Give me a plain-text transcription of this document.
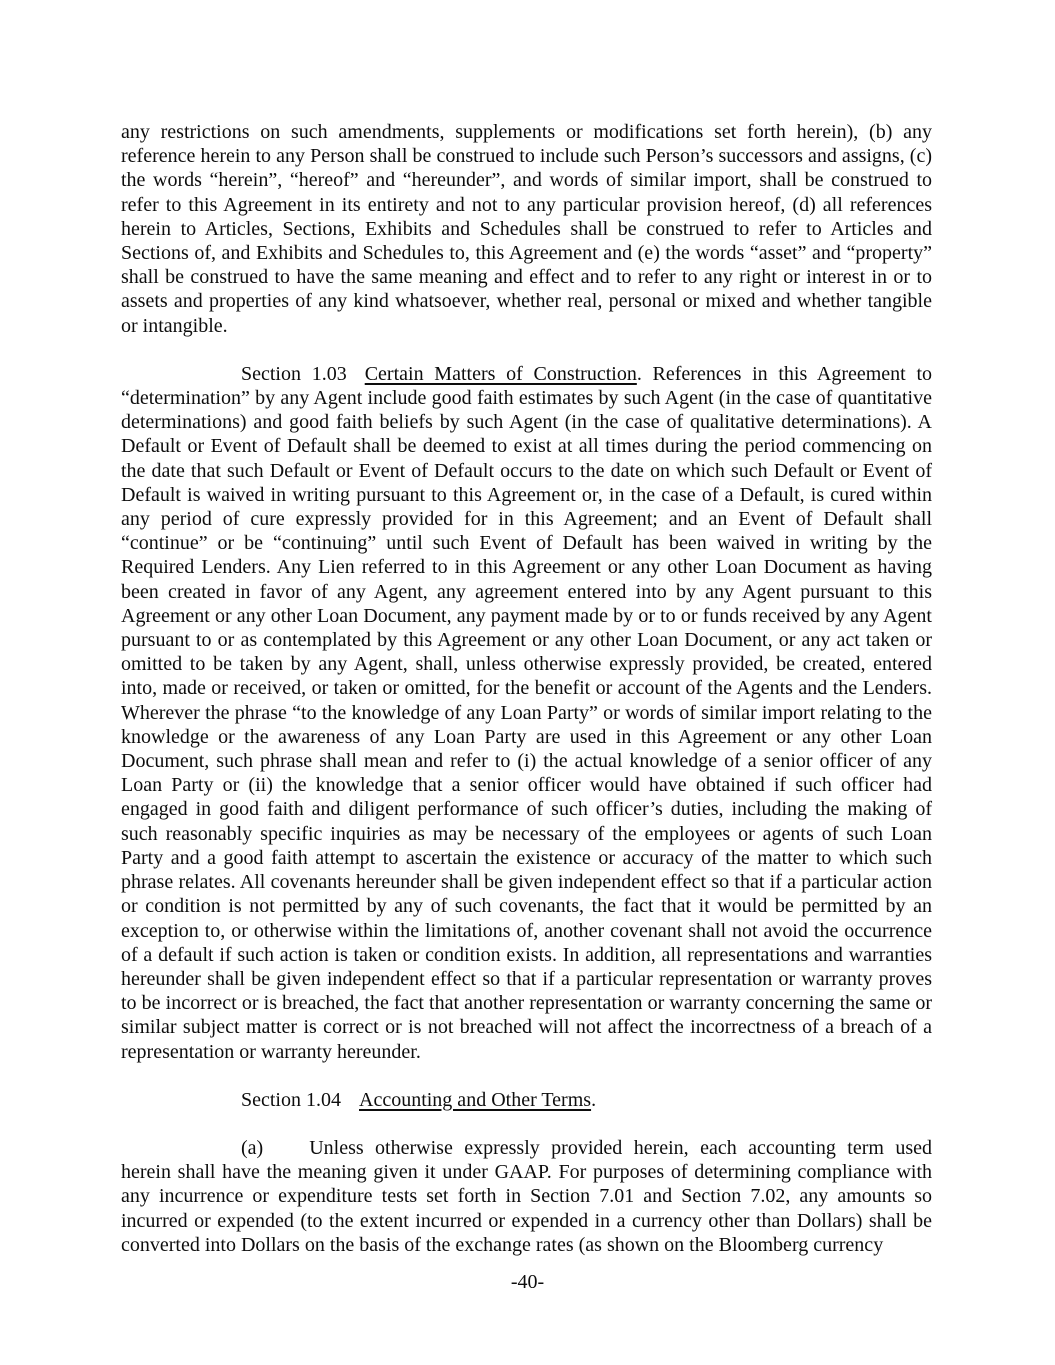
any restrictions on such amendments, supplements or modifications set forth herein), (b) any reference herein to any Person shall be construed to include such Person’s successors and assigns, (c) the words “herein”, “hereof” and “hereunder”, and words of similar import, shall be construed to refer to this Agreement in its entirety and not to any particular provision hereof, (d) all references herein to Articles, Sections, Exhibits and Schedules shall be construed to refer to Articles and Sections of, and Exhibits and Schedules to, this Agreement and (e) the words “asset” and “property” shall be construed to have the same meaning and effect and to refer to any right or interest in or to assets and properties of any kind whatsoever, whether real, personal or mixed and whether tangible or intangible.

Section 1.03 Certain Matters of Construction. References in this Agreement to “determination” by any Agent include good faith estimates by such Agent (in the case of quantitative determinations) and good faith beliefs by such Agent (in the case of qualitative determinations). A Default or Event of Default shall be deemed to exist at all times during the period commencing on the date that such Default or Event of Default occurs to the date on which such Default or Event of Default is waived in writing pursuant to this Agreement or, in the case of a Default, is cured within any period of cure expressly provided for in this Agreement; and an Event of Default shall “continue” or be “continuing” until such Event of Default has been waived in writing by the Required Lenders. Any Lien referred to in this Agreement or any other Loan Document as having been created in favor of any Agent, any agreement entered into by any Agent pursuant to this Agreement or any other Loan Document, any payment made by or to or funds received by any Agent pursuant to or as contemplated by this Agreement or any other Loan Document, or any act taken or omitted to be taken by any Agent, shall, unless otherwise expressly provided, be created, entered into, made or received, or taken or omitted, for the benefit or account of the Agents and the Lenders. Wherever the phrase “to the knowledge of any Loan Party” or words of similar import relating to the knowledge or the awareness of any Loan Party are used in this Agreement or any other Loan Document, such phrase shall mean and refer to (i) the actual knowledge of a senior officer of any Loan Party or (ii) the knowledge that a senior officer would have obtained if such officer had engaged in good faith and diligent performance of such officer’s duties, including the making of such reasonably specific inquiries as may be necessary of the employees or agents of such Loan Party and a good faith attempt to ascertain the existence or accuracy of the matter to which such phrase relates. All covenants hereunder shall be given independent effect so that if a particular action or condition is not permitted by any of such covenants, the fact that it would be permitted by an exception to, or otherwise within the limitations of, another covenant shall not avoid the occurrence of a default if such action is taken or condition exists. In addition, all representations and warranties hereunder shall be given independent effect so that if a particular representation or warranty proves to be incorrect or is breached, the fact that another representation or warranty concerning the same or similar subject matter is correct or is not breached will not affect the incorrectness of a breach of a representation or warranty hereunder.

Section 1.04 Accounting and Other Terms.

(a) Unless otherwise expressly provided herein, each accounting term used herein shall have the meaning given it under GAAP. For purposes of determining compliance with any incurrence or expenditure tests set forth in Section 7.01 and Section 7.02, any amounts so incurred or expended (to the extent incurred or expended in a currency other than Dollars) shall be converted into Dollars on the basis of the exchange rates (as shown on the Bloomberg currency

-40-
